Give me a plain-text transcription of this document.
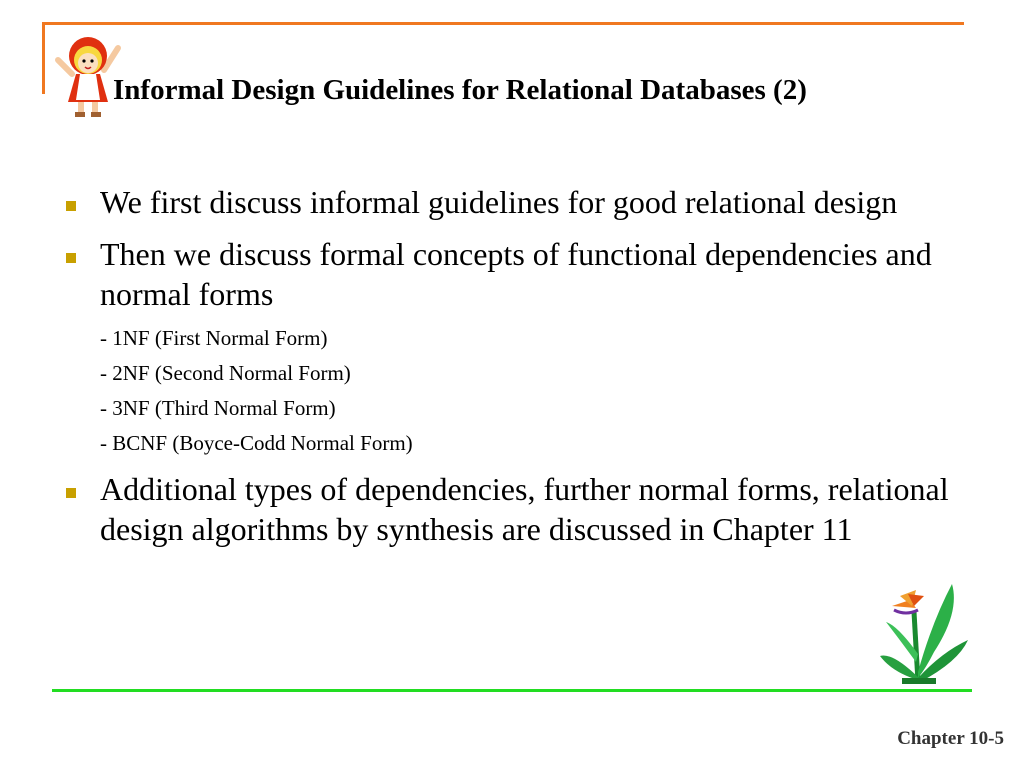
Informal Design Guidelines for Relational Databases (2)
We first discuss informal guidelines for good relational design
Then we discuss formal concepts of functional dependencies and normal forms
- 1NF (First Normal Form)
- 2NF (Second Normal Form)
- 3NF (Third Normal Form)
- BCNF (Boyce-Codd Normal Form)
Additional types of dependencies, further normal forms, relational design algorithms by synthesis are discussed in Chapter 11
Chapter 10-5
